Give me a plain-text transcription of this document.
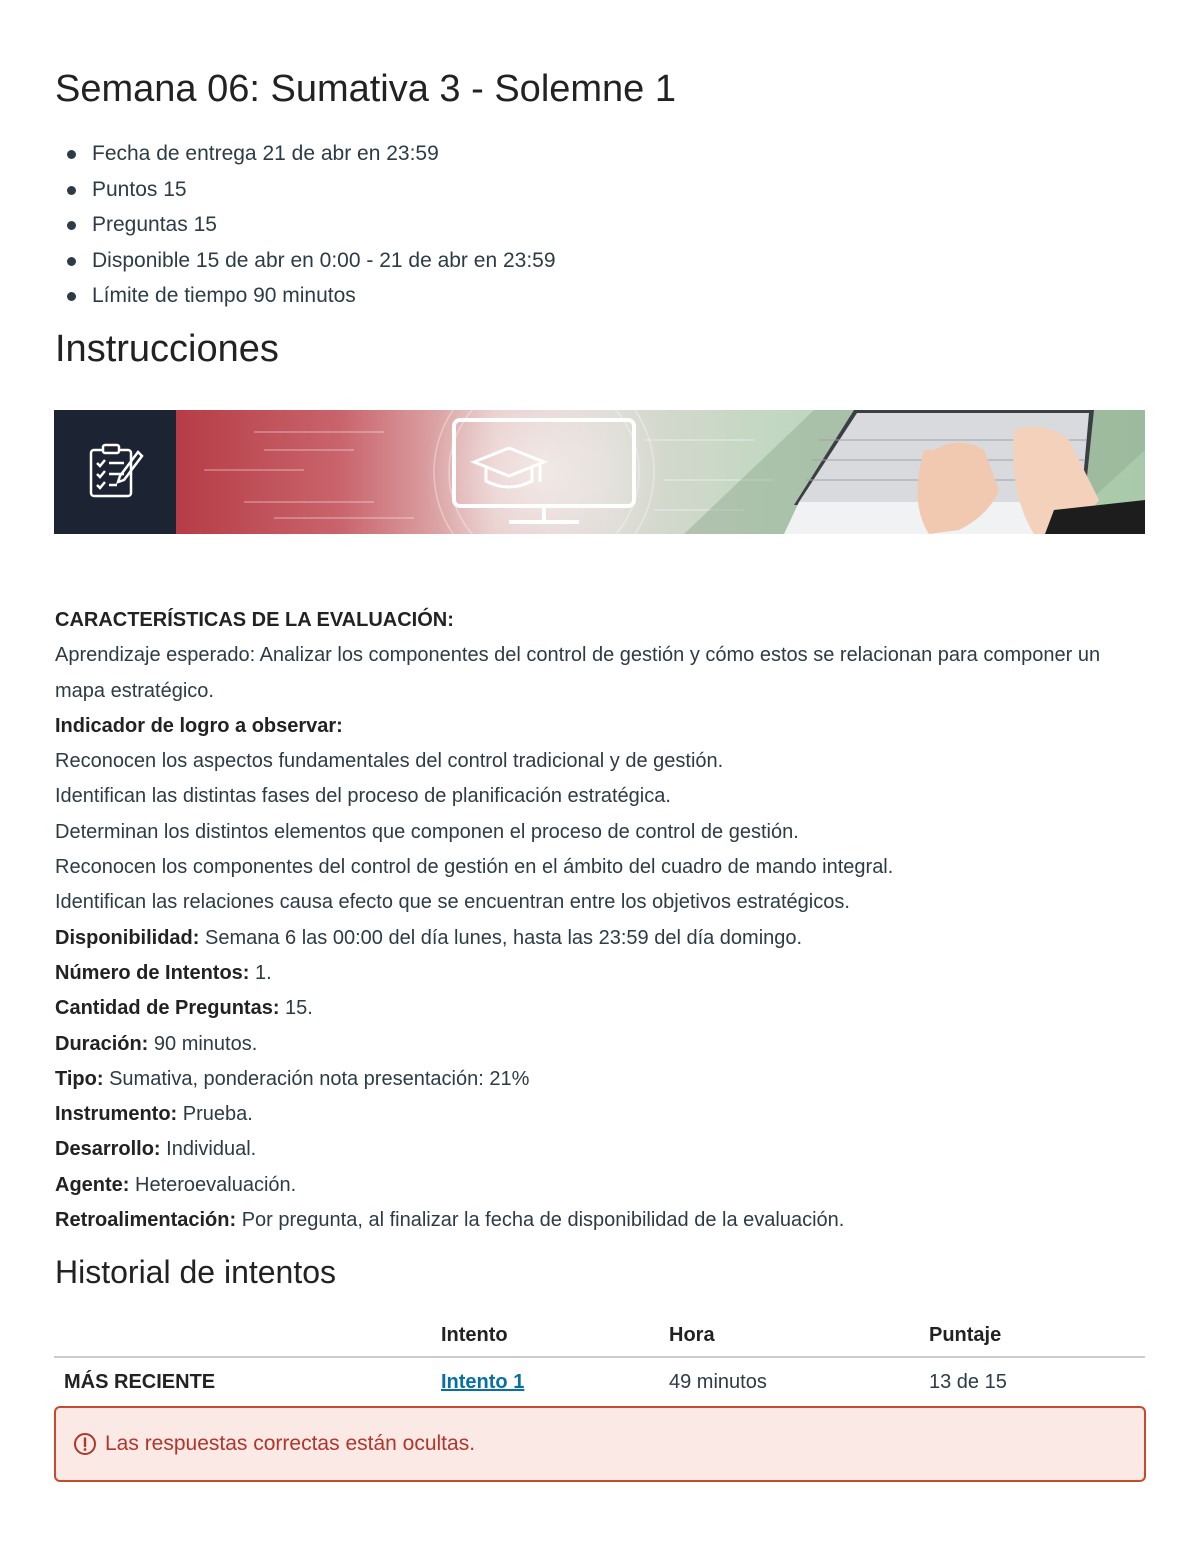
Semana 06: Sumativa 3 - Solemne 1
Fecha de entrega 21 de abr en 23:59
Puntos 15
Preguntas 15
Disponible 15 de abr en 0:00 - 21 de abr en 23:59
Límite de tiempo 90 minutos
Instrucciones

CARACTERÍSTICAS DE LA EVALUACIÓN:

Aprendizaje esperado: Analizar los componentes del control de gestión y cómo estos se relacionan para componer un mapa estratégico.

Indicador de logro a observar:

Reconocen los aspectos fundamentales del control tradicional y de gestión.

Identifican las distintas fases del proceso de planificación estratégica.

Determinan los distintos elementos que componen el proceso de control de gestión.

Reconocen los componentes del control de gestión en el ámbito del cuadro de mando integral.

Identifican las relaciones causa efecto que se encuentran entre los objetivos estratégicos.

Disponibilidad: Semana 6 las 00:00 del día lunes, hasta las 23:59 del día domingo.

Número de Intentos: 1.

Cantidad de Preguntas: 15.

Duración: 90 minutos.

Tipo: Sumativa, ponderación nota presentación: 21%

Instrumento: Prueba.

Desarrollo: Individual.

Agente: Heteroevaluación.

Retroalimentación: Por pregunta, al finalizar la fecha de disponibilidad de la evaluación.

Historial de intentos
	Intento	Hora	Puntaje
MÁS RECIENTE	Intento 1	49 minutos	13 de 15
Las respuestas correctas están ocultas.
